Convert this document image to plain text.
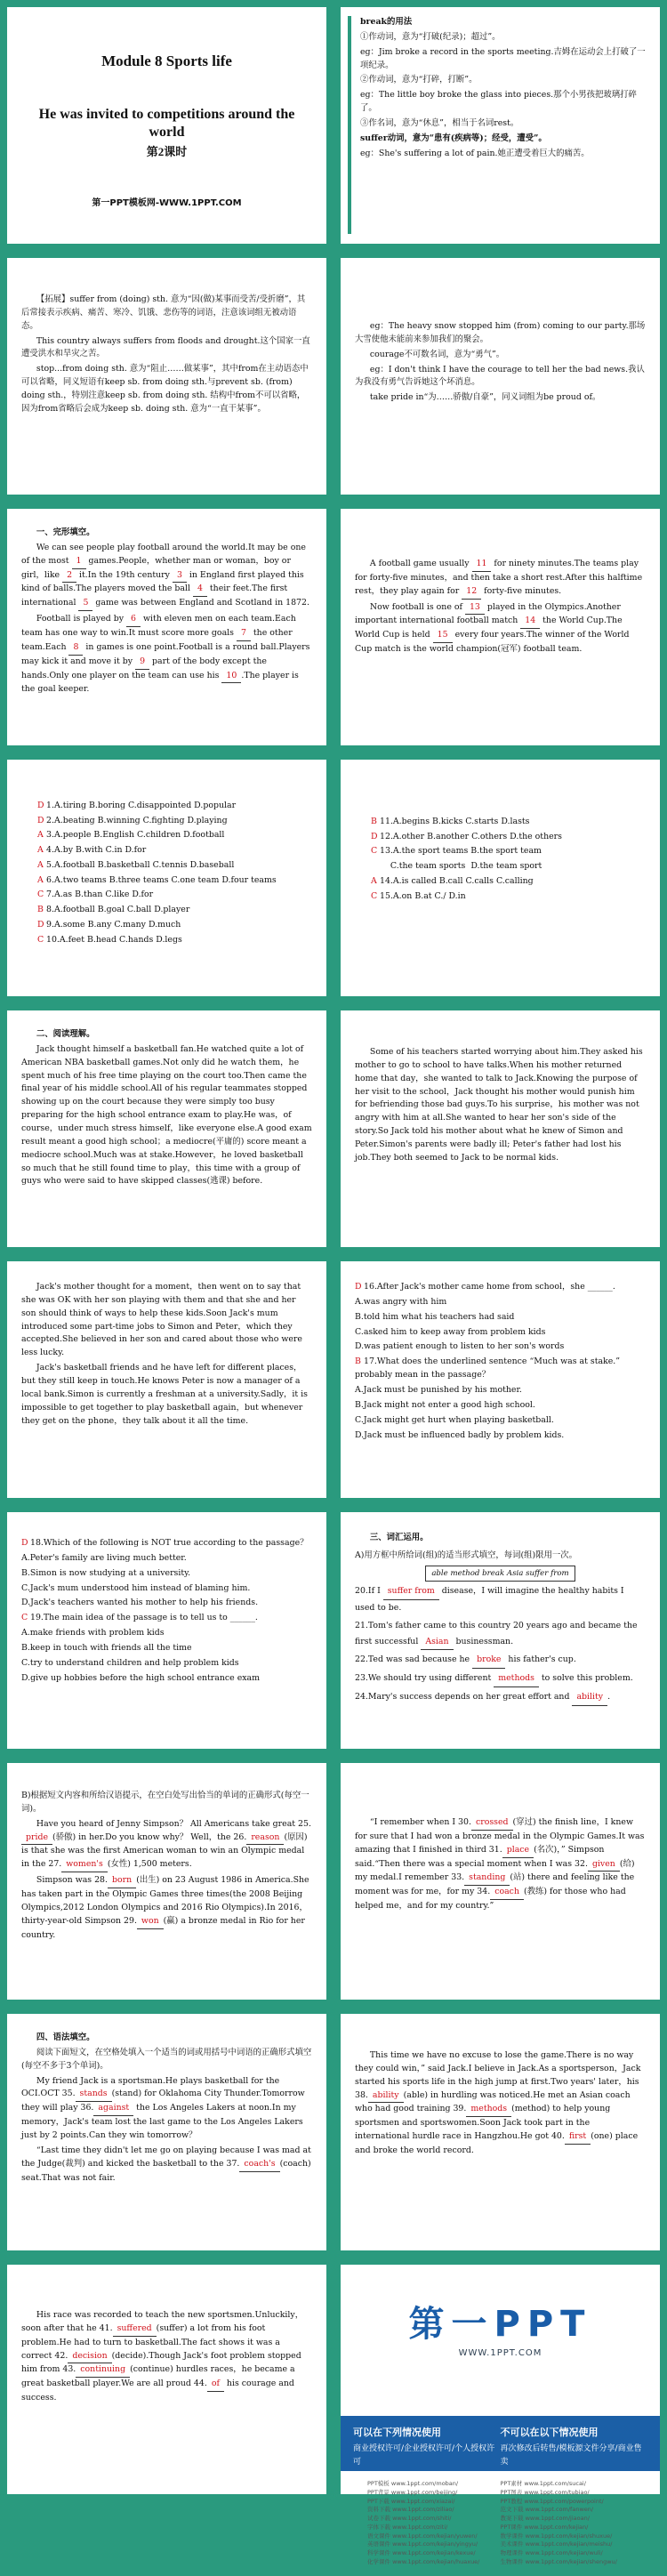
Module 8 Sports life
He was invited to competitions around the world
第2课时
第一PPT模板网-WWW.1PPT.COM

break的用法

①作动词，意为“打破(纪录)；超过”。

eg：Jim broke a record in the sports meeting.吉姆在运动会上打破了一项纪录。

②作动词，意为“打碎，打断”。

eg：The little boy broke the glass into pieces.那个小男孩把玻璃打碎了。

③作名词，意为“休息”，相当于名词rest。

suffer动词，意为“患有(疾病等)；经受，遭受”。

eg：She's suffering a lot of pain.她正遭受着巨大的痛苦。

【拓展】suffer from (doing) sth. 意为“因(做)某事而受苦/受折磨”，其后常接表示疾病、痛苦、寒冷、饥饿、悲伤等的词语，注意该词组无被动语态。

This country always suffers from floods and drought.这个国家一直遭受洪水和旱灾之苦。

stop...from doing sth. 意为“阻止……做某事”，其中from在主动语态中可以省略，同义短语有keep sb. from doing sth.与prevent sb. (from) doing sth.，特别注意keep sb. from doing sth. 结构中from不可以省略，因为from省略后会成为keep sb. doing sth. 意为“一直干某事”。

eg：The heavy snow stopped him (from) coming to our party.那场大雪使他未能前来参加我们的聚会。

courage不可数名词，意为“勇气”。

eg：I don't think I have the courage to tell her the bad news.我认为我没有勇气告诉她这个坏消息。

take pride in“为……骄傲/自豪”，同义词组为be proud of。

一、完形填空。

We can see people play football around the world.It may be one of the most 1 games.People，whether man or woman，boy or girl，like 2 it.In the 19th century 3 in England first played this kind of balls.The players moved the ball 4 their feet.The first international 5 game was between England and Scotland in 1872.

Football is played by 6 with eleven men on each team.Each team has one way to win.It must score more goals 7 the other team.Each 8 in games is one point.Football is a round ball.Players may kick it and move it by 9 part of the body except the hands.Only one player on the team can use his 10 .The player is the goal keeper.

A football game usually 11 for ninety minutes.The teams play for forty-five minutes，and then take a short rest.After this halftime rest，they play again for 12 forty-five minutes.

Now football is one of 13 played in the Olympics.Another important international football match 14 the World Cup.The World Cup is held 15 every four years.The winner of the World Cup match is the world champion(冠军) football team.

D 1.A.tiring B.boring C.disappointed D.popular
D 2.A.beating B.winning C.fighting D.playing
A 3.A.people B.English C.children D.football
A 4.A.by B.with C.in D.for
A 5.A.football B.basketball C.tennis D.baseball
A 6.A.two teams B.three teams C.one team D.four teams
C 7.A.as B.than C.like D.for
B 8.A.football B.goal C.ball D.player
D 9.A.some B.any C.many D.much
C 10.A.feet B.head C.hands D.legs
B 11.A.begins B.kicks C.starts D.lasts
D 12.A.other B.another C.others D.the others
C 13.A.the sport teams B.the sport team
C.the team sports  D.the team sport
A 14.A.is called B.call C.calls C.calling
C 15.A.on B.at C./ D.in

二、阅读理解。

Jack thought himself a basketball fan.He watched quite a lot of American NBA basketball games.Not only did he watch them，he spent much of his free time playing on the court too.Then came the final year of his middle school.All of his regular teammates stopped showing up on the court because they were simply too busy preparing for the high school entrance exam to play.He was，of course，under much stress himself，like everyone else.A good exam result meant a good high school；a mediocre(平庸的) score meant a mediocre school.Much was at stake.However，he loved basketball so much that he still found time to play，this time with a group of guys who were said to have skipped classes(逃课) before.

Some of his teachers started worrying about him.They asked his mother to go to school to have talks.When his mother returned home that day，she wanted to talk to Jack.Knowing the purpose of her visit to the school，Jack thought his mother would punish him for befriending those bad guys.To his surprise，his mother was not angry with him at all.She wanted to hear her son's side of the story.So Jack told his mother about what he knew of Simon and Peter.Simon's parents were badly ill; Peter's father had lost his job.They both seemed to Jack to be normal kids.

Jack's mother thought for a moment，then went on to say that she was OK with her son playing with them and that she and her son should think of ways to help these kids.Soon Jack's mum introduced some part-time jobs to Simon and Peter，which they accepted.She believed in her son and cared about those who were less lucky.

Jack's basketball friends and he have left for different places，but they still keep in touch.He knows Peter is now a manager of a local bank.Simon is currently a freshman at a university.Sadly，it is impossible to get together to play basketball again，but whenever they get on the phone，they talk about it all the time.

D 16.After Jack's mother came home from school，she ______.

A.was angry with him

B.told him what his teachers had said

C.asked him to keep away from problem kids

D.was patient enough to listen to her son's words

B 17.What does the underlined sentence “Much was at stake.” probably mean in the passage？

A.Jack must be punished by his mother.

B.Jack might not enter a good high school.

C.Jack might get hurt when playing basketball.

D.Jack must be influenced badly by problem kids.

D 18.Which of the following is NOT true according to the passage？

A.Peter's family are living much better.

B.Simon is now studying at a university.

C.Jack's mum understood him instead of blaming him.

D.Jack's teachers wanted his mother to help his friends.

C 19.The main idea of the passage is to tell us to ______.

A.make friends with problem kids

B.keep in touch with friends all the time

C.try to understand children and help problem kids

D.give up hobbies before the high school entrance exam

三、词汇运用。

A)用方框中所给词(组)的适当形式填空，每词(组)限用一次。

able method break Asia suffer from

20.If I suffer from disease，I will imagine the healthy habits I used to be.

21.Tom's father came to this country 20 years ago and became the first successful Asian businessman.

22.Ted was sad because he broke his father's cup.

23.We should try using different methods to solve this problem.

24.Mary's success depends on her great effort and ability .

B)根据短文内容和所给汉语提示，在空白处写出恰当的单词的正确形式(每空一词)。

Have you heard of Jenny Simpson？ All Americans take great 25.pride (骄傲) in her.Do you know why？ Well，the 26. reason (原因) is that she was the first American woman to win an Olympic medal in the 27. women's (女性) 1,500 meters.

Simpson was 28. born (出生) on 23 August 1986 in America.She has taken part in the Olympic Games three times(the 2008 Beijing Olympics,2012 London Olympics and 2016 Rio Olympics).In 2016，thirty-year-old Simpson 29. won (赢) a bronze medal in Rio for her country.

“I remember when I 30. crossed (穿过) the finish line，I knew for sure that I had won a bronze medal in the Olympic Games.It was amazing that I finished in third 31. place (名次)，” Simpson said.“Then there was a special moment when I was 32. given (给) my medal.I remember 33. standing (站) there and feeling like the moment was for me，for my 34. coach (教练) for those who had helped me，and for my country.”

四、语法填空。

阅读下面短文，在空格处填入一个适当的词或用括号中词语的正确形式填空(每空不多于3个单词)。

My friend Jack is a sportsman.He plays basketball for the OCI.OCT 35. stands (stand) for Oklahoma City Thunder.Tomorrow they will play 36. against the Los Angeles Lakers at noon.In my memory，Jack's team lost the last game to the Los Angeles Lakers just by 2 points.Can they win tomorrow？

“Last time they didn't let me go on playing because I was mad at the Judge(裁判) and kicked the basketball to the 37. coach's (coach) seat.That was not fair.

This time we have no excuse to lose the game.There is no way they could win，” said Jack.I believe in Jack.As a sportsperson，Jack started his sports life in the high jump at first.Two years' later，his 38. ability (able) in hurdling was noticed.He met an Asian coach who had good training 39. methods (method) to help young sportsmen and sportswomen.Soon Jack took part in the international hurdle race in Hangzhou.He got 40. first (one) place and broke the world record.

His race was recorded to teach the new sportsmen.Unluckily，soon after that he 41. suffered (suffer) a lot from his foot problem.He had to turn to basketball.The fact shows it was a correct 42. decision (decide).Though Jack's foot problem stopped him from 43. continuing (continue) hurdles races，he became a great basketball player.We are all proud 44. of his courage and success.

第一PPT
WWW.1PPT.COM
可以在下列情况使用
商业授权许可/企业授权许可/个人授权许可
不可以在以下情况使用
再次修改后转售/模板源文件分享/商业售卖
PPT模板 www.1ppt.com/moban/	PPT素材 www.1ppt.com/sucai/
PPT背景 www.1ppt.com/beijing/	PPT图表 www.1ppt.com/tubiao/
PPT下载 www.1ppt.com/xiazai/	PPT教程 www.1ppt.com/powerpoint/
资料下载 www.1ppt.com/ziliao/	范文下载 www.1ppt.com/fanwen/
试卷下载 www.1ppt.com/shiti/	教案下载 www.1ppt.com/jiaoan/
字体下载 www.1ppt.com/ziti/	PPT课件 www.1ppt.com/kejian/
语文课件 www.1ppt.com/kejian/yuwen/	数学课件 www.1ppt.com/kejian/shuxue/
英语课件 www.1ppt.com/kejian/yingyu/	美术课件 www.1ppt.com/kejian/meishu/
科学课件 www.1ppt.com/kejian/kexue/	物理课件 www.1ppt.com/kejian/wuli/
化学课件 www.1ppt.com/kejian/huaxue/	生物课件 www.1ppt.com/kejian/shengwu/
